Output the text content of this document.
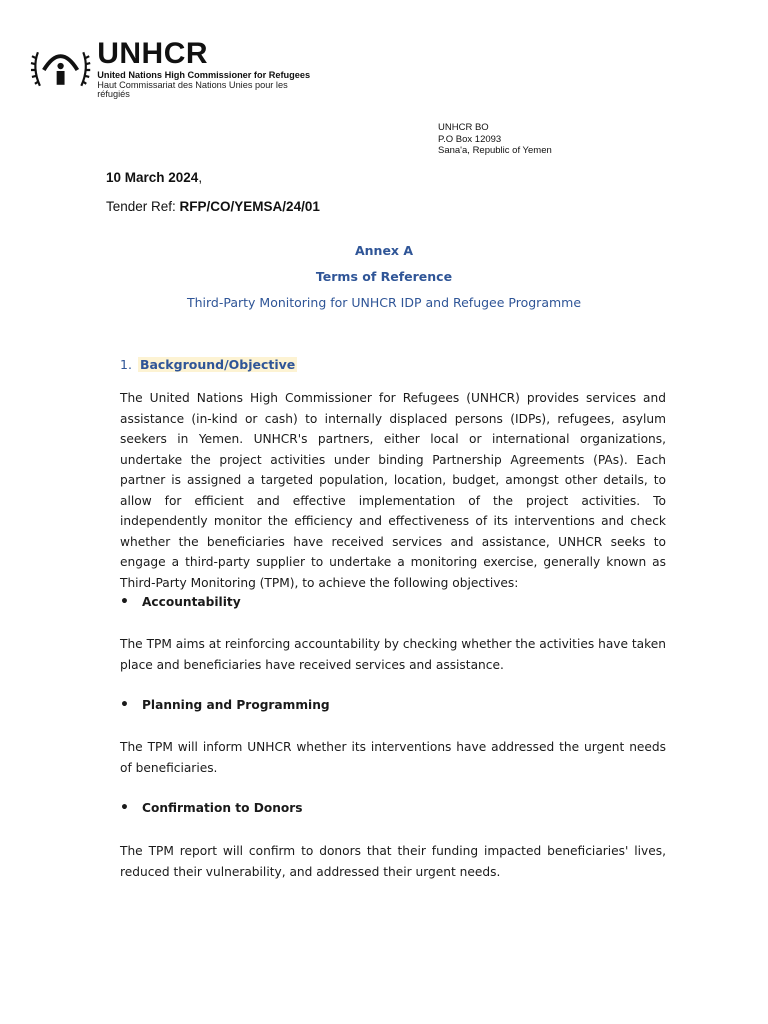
UNHCR
United Nations High Commissioner for Refugees
Haut Commissariat des Nations Unies pour les réfugiés
UNHCR BO
P.O Box 12093
Sana'a, Republic of Yemen
10 March 2024,
Tender Ref: RFP/CO/YEMSA/24/01
Annex A
Terms of Reference
Third-Party Monitoring for UNHCR IDP and Refugee Programme
1. Background/Objective
The United Nations High Commissioner for Refugees (UNHCR) provides services and assistance (in-kind or cash) to internally displaced persons (IDPs), refugees, asylum seekers in Yemen. UNHCR's partners, either local or international organizations, undertake the project activities under binding Partnership Agreements (PAs). Each partner is assigned a targeted population, location, budget, amongst other details, to allow for efficient and effective implementation of the project activities. To independently monitor the efficiency and effectiveness of its interventions and check whether the beneficiaries have received services and assistance, UNHCR seeks to engage a third-party supplier to undertake a monitoring exercise, generally known as Third-Party Monitoring (TPM), to achieve the following objectives:
•	Accountability
The TPM aims at reinforcing accountability by checking whether the activities have taken place and beneficiaries have received services and assistance.
•	Planning and Programming
The TPM will inform UNHCR whether its interventions have addressed the urgent needs of beneficiaries.
•	Confirmation to Donors
The TPM report will confirm to donors that their funding impacted beneficiaries' lives, reduced their vulnerability, and addressed their urgent needs.
